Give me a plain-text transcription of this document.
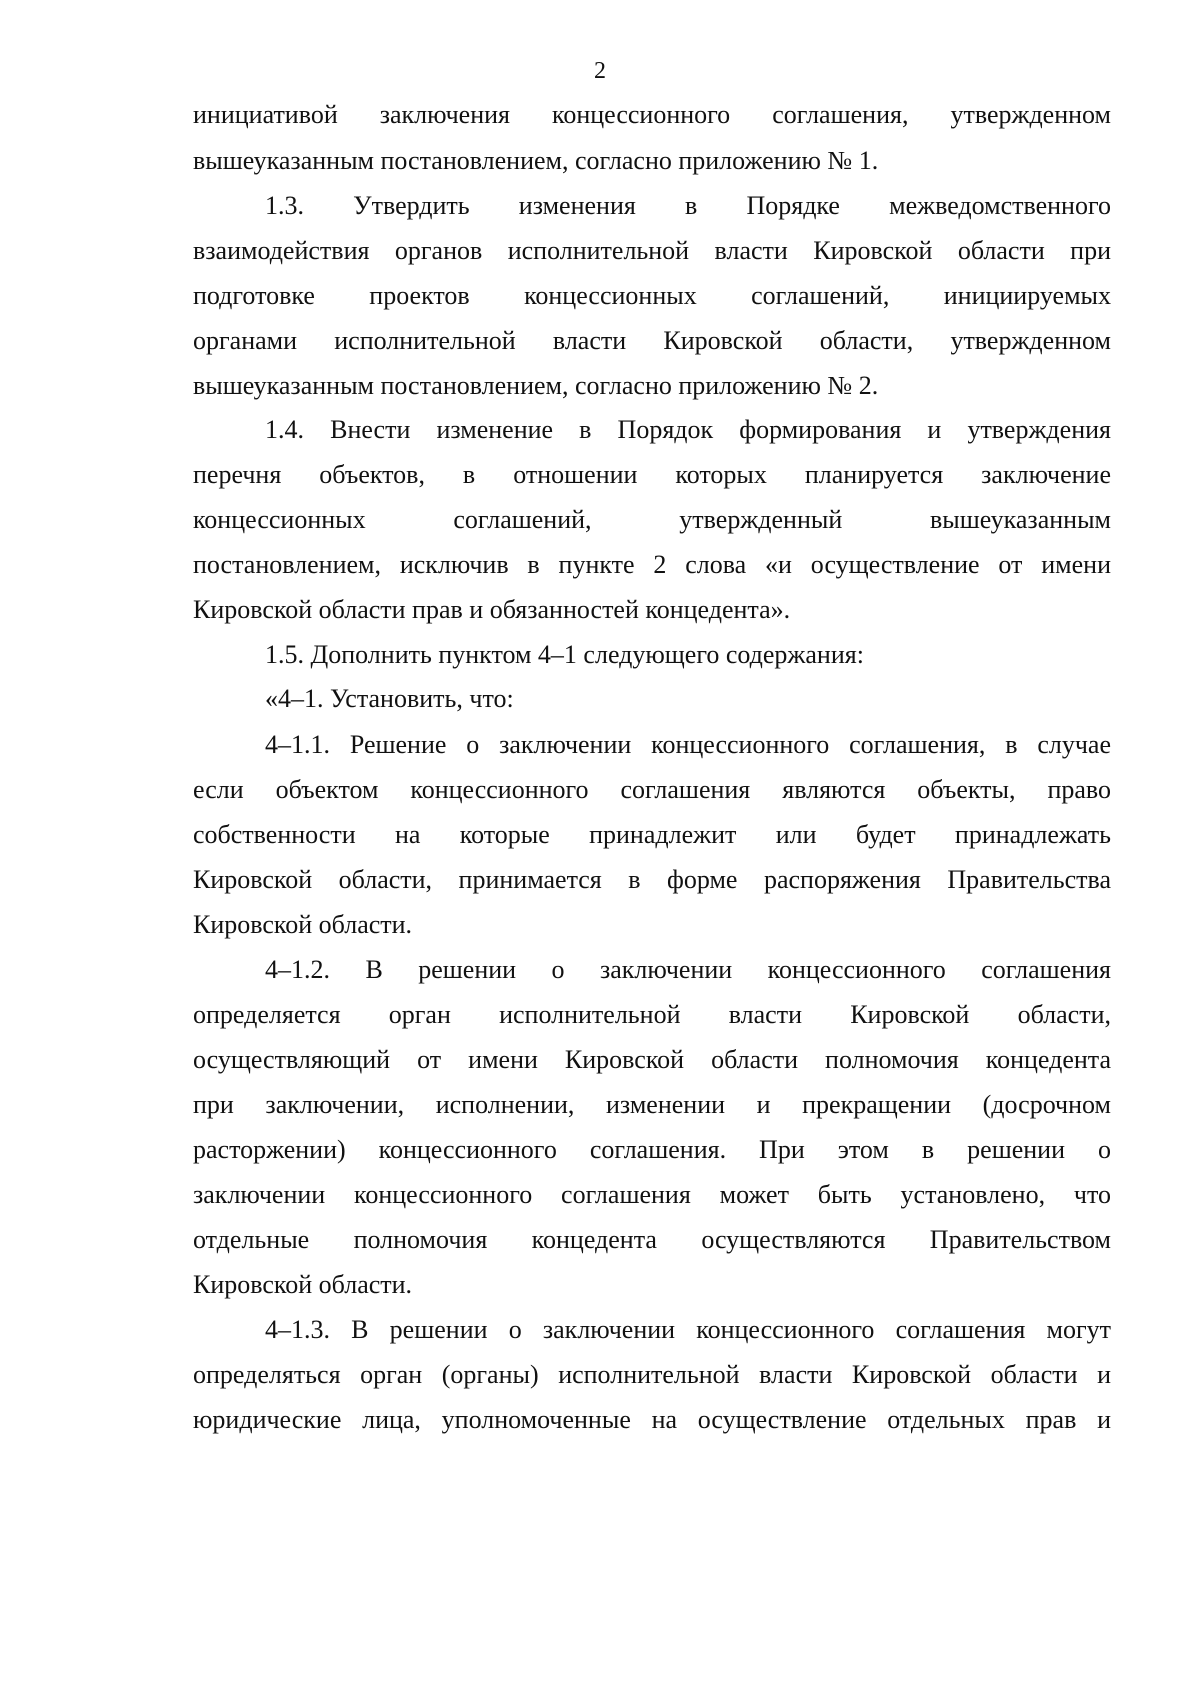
2
инициативой заключения концессионного соглашения, утвержденном
вышеуказанным постановлением, согласно приложению № 1.
1.3. Утвердить изменения в Порядке межведомственного
взаимодействия органов исполнительной власти Кировской области при
подготовке проектов концессионных соглашений, инициируемых
органами исполнительной власти Кировской области, утвержденном
вышеуказанным постановлением, согласно приложению № 2.
1.4. Внести изменение в Порядок формирования и утверждения
перечня объектов, в отношении которых планируется заключение
концессионных соглашений, утвержденный вышеуказанным
постановлением, исключив в пункте 2 слова «и осуществление от имени
Кировской области прав и обязанностей концедента».
1.5. Дополнить пунктом 4–1 следующего содержания:
«4–1. Установить, что:
4–1.1. Решение о заключении концессионного соглашения, в случае
если объектом концессионного соглашения являются объекты, право
собственности на которые принадлежит или будет принадлежать
Кировской области, принимается в форме распоряжения Правительства
Кировской области.
4–1.2. В решении о заключении концессионного соглашения
определяется орган исполнительной власти Кировской области,
осуществляющий от имени Кировской области полномочия концедента
при заключении, исполнении, изменении и прекращении (досрочном
расторжении) концессионного соглашения. При этом в решении о
заключении концессионного соглашения может быть установлено, что
отдельные полномочия концедента осуществляются Правительством
Кировской области.
4–1.3. В решении о заключении концессионного соглашения могут
определяться орган (органы) исполнительной власти Кировской области и
юридические лица, уполномоченные на осуществление отдельных прав и
